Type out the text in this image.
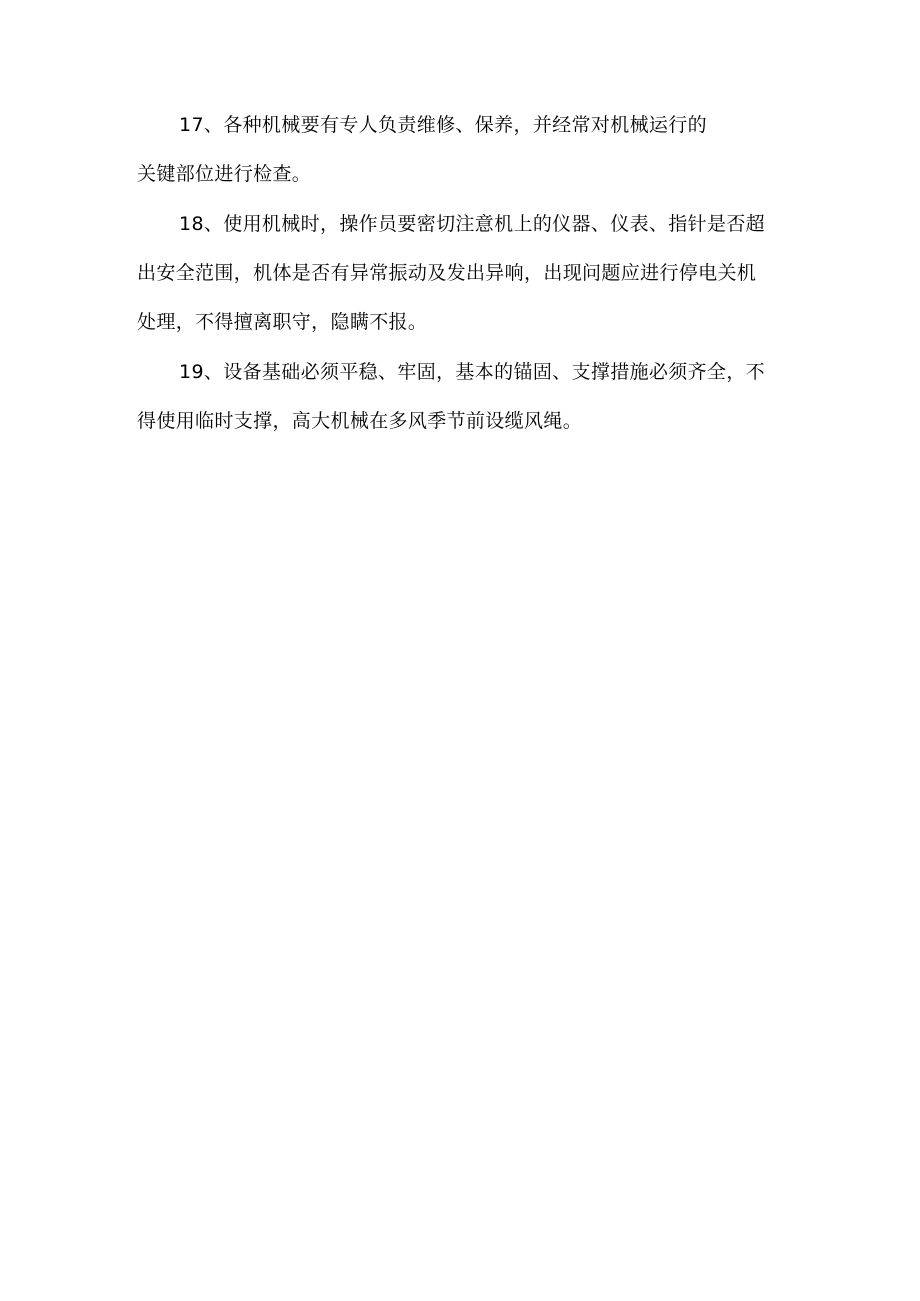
17、各种机械要有专人负责维修、保养，并经常对机械运行的
关键部位进行检查。

18、使用机械时，操作员要密切注意机上的仪器、仪表、指针是否超
出安全范围，机体是否有异常振动及发出异响，出现问题应进行停电关机
处理，不得擅离职守，隐瞒不报。

19、设备基础必须平稳、牢固，基本的锚固、支撑措施必须齐全，不
得使用临时支撑，高大机械在多风季节前设缆风绳。
